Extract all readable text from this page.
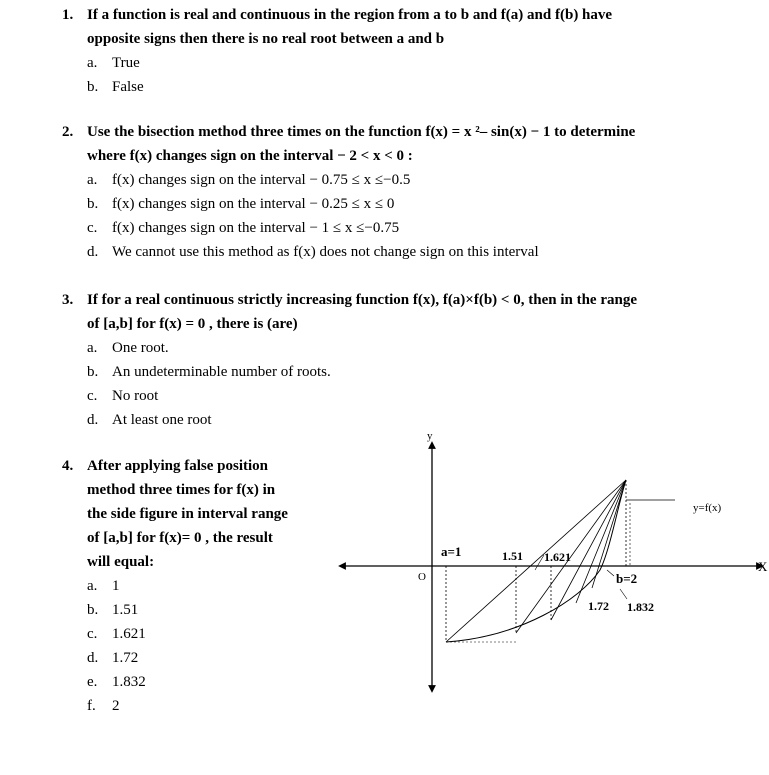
1. If a function is real and continuous in the region from a to b and f(a) and f(b) have
opposite signs then there is no real root between a and b
a. True
b. False
2. Use the bisection method three times on the function f(x) = x ²– sin(x) − 1 to determine
where f(x) changes sign on the interval − 2 < x < 0 :
a. f(x) changes sign on the interval − 0.75 ≤ x ≤−0.5
b. f(x) changes sign on the interval − 0.25 ≤ x ≤ 0
c. f(x) changes sign on the interval − 1 ≤ x ≤−0.75
d. We cannot use this method as f(x) does not change sign on this interval
3. If for a real continuous strictly increasing function f(x), f(a)×f(b) < 0, then in the range
of [a,b] for f(x) = 0 , there is (are)
a. One root.
b. An undeterminable number of roots.
c. No root
d. At least one root
4. After applying false position
method three times for f(x) in
the side figure in interval range
of [a,b] for f(x)= 0 , the result
will equal:
a. 1
b. 1.51
c. 1.621
d. 1.72
e. 1.832
f. 2
y
X
O
y=f(x)
a=1	1.51 1.621
b=2
1.72 1.832
